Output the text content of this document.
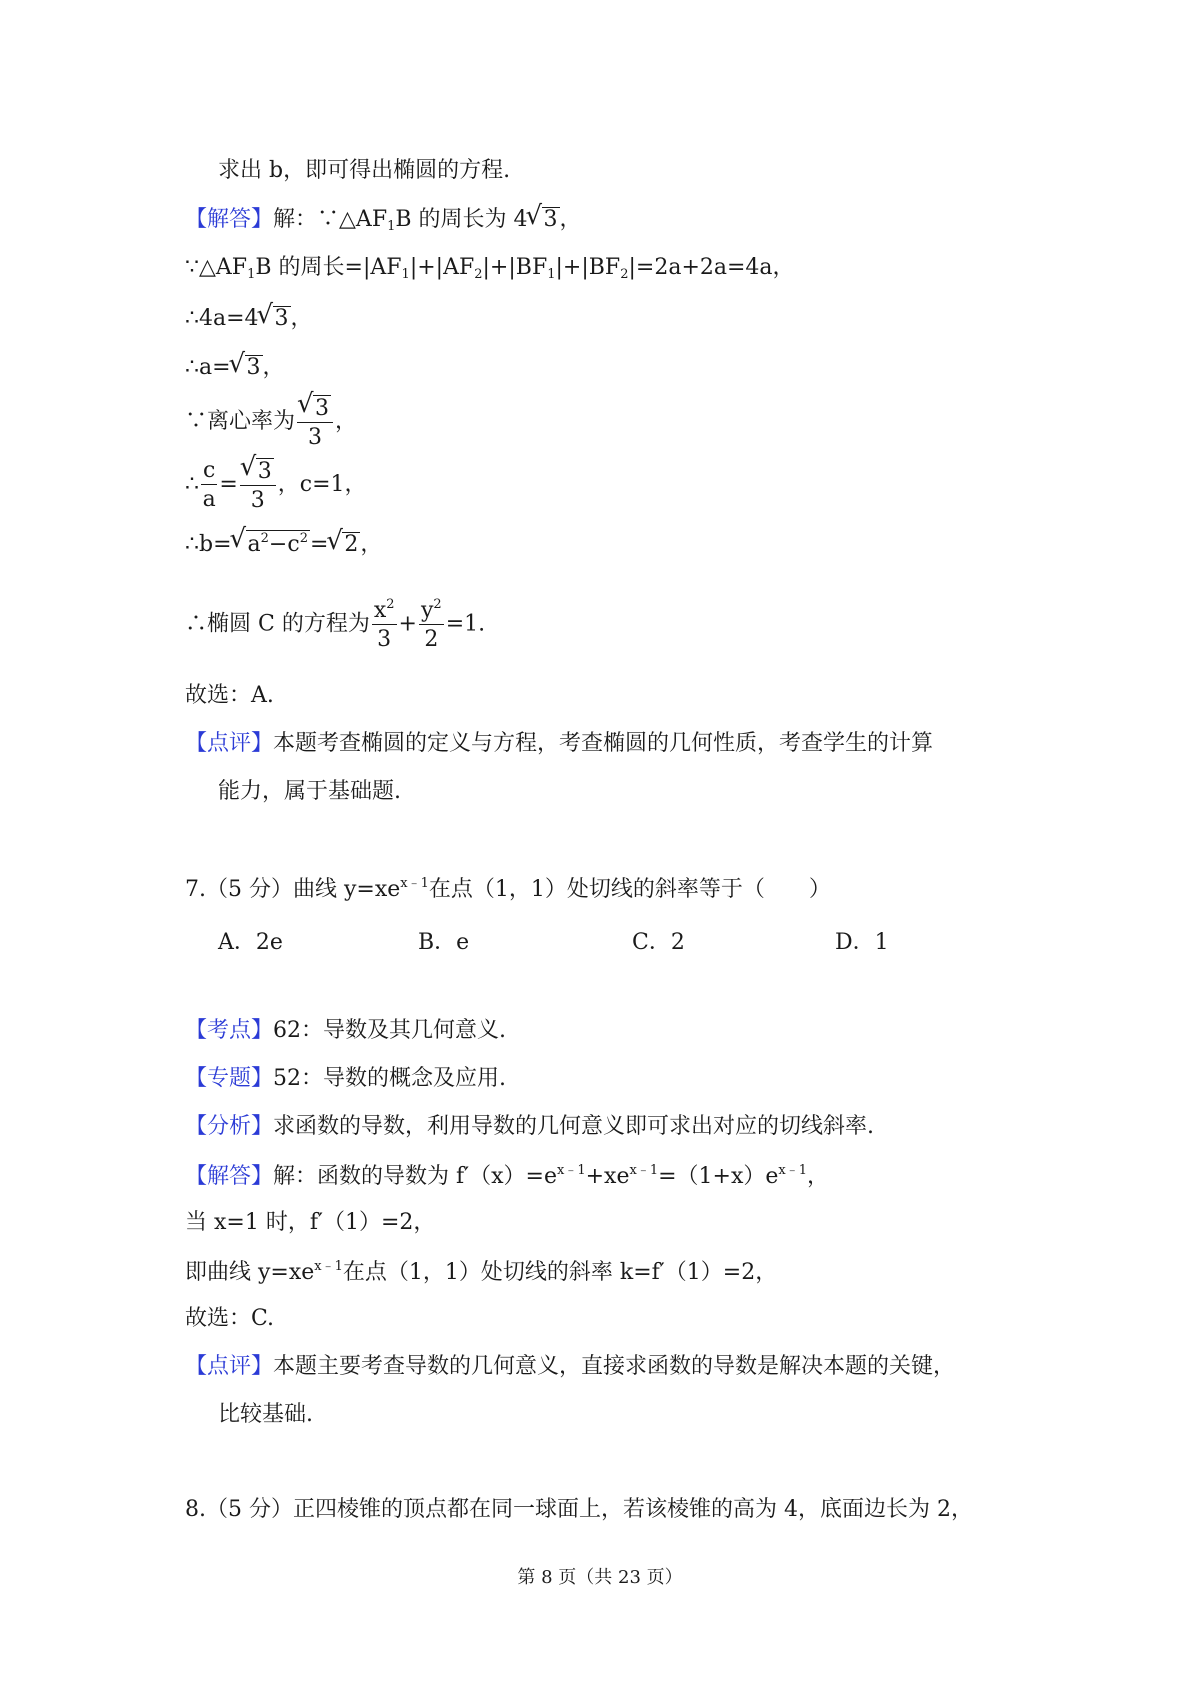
求出 b，即可得出椭圆的方程.
【解答】解：$\because\triangle AF_1B$ 的周长为 4√ 3，
$\because\triangle AF_1B$ 的周长$=|AF_1|+|AF_2|+|BF_1|+|BF_2|=2a+2a=4a$，
∴4a=4√ 3，
∴a=√ 3，
∵离心率为
√ $\frac{3}{3}$ ，
∴ $\frac{c}{a}$ =
√ $\frac{3}{3}$ ，c=1，
∴b=√ $a^2-c^2=√$ 2，
∴椭圆 C 的方程为 $\frac{x^2}{3} + \frac{y^2}{2} =1$.
故选：A.
【点评】本题考查椭圆的定义与方程，考查椭圆的几何性质，考查学生的计算
能力，属于基础题.
7.（5 分）曲线 $y=xe^{x﹣1}$在点（1，1）处切线的斜率等于（　　）
A．2e	B．e	C．2	D．1
【考点】62：导数及其几何意义.
【专题】52：导数的概念及应用.
【分析】求函数的导数，利用导数的几何意义即可求出对应的切线斜率.
【解答】解：函数的导数为 $f'(x)=e^{x﹣1}+xe^{x﹣1}=(1+x)e^{x﹣1}$，
当 x=1 时，f′（1）=2，
即曲线 $y=xe^{x﹣1}$在点（1，1）处切线的斜率 k=f′（1）=2，
故选：C.
【点评】本题主要考查导数的几何意义，直接求函数的导数是解决本题的关键，
比较基础.
8.（5 分）正四棱锥的顶点都在同一球面上，若该棱锥的高为 4，底面边长为 2，
第 8 页（共 23 页）
